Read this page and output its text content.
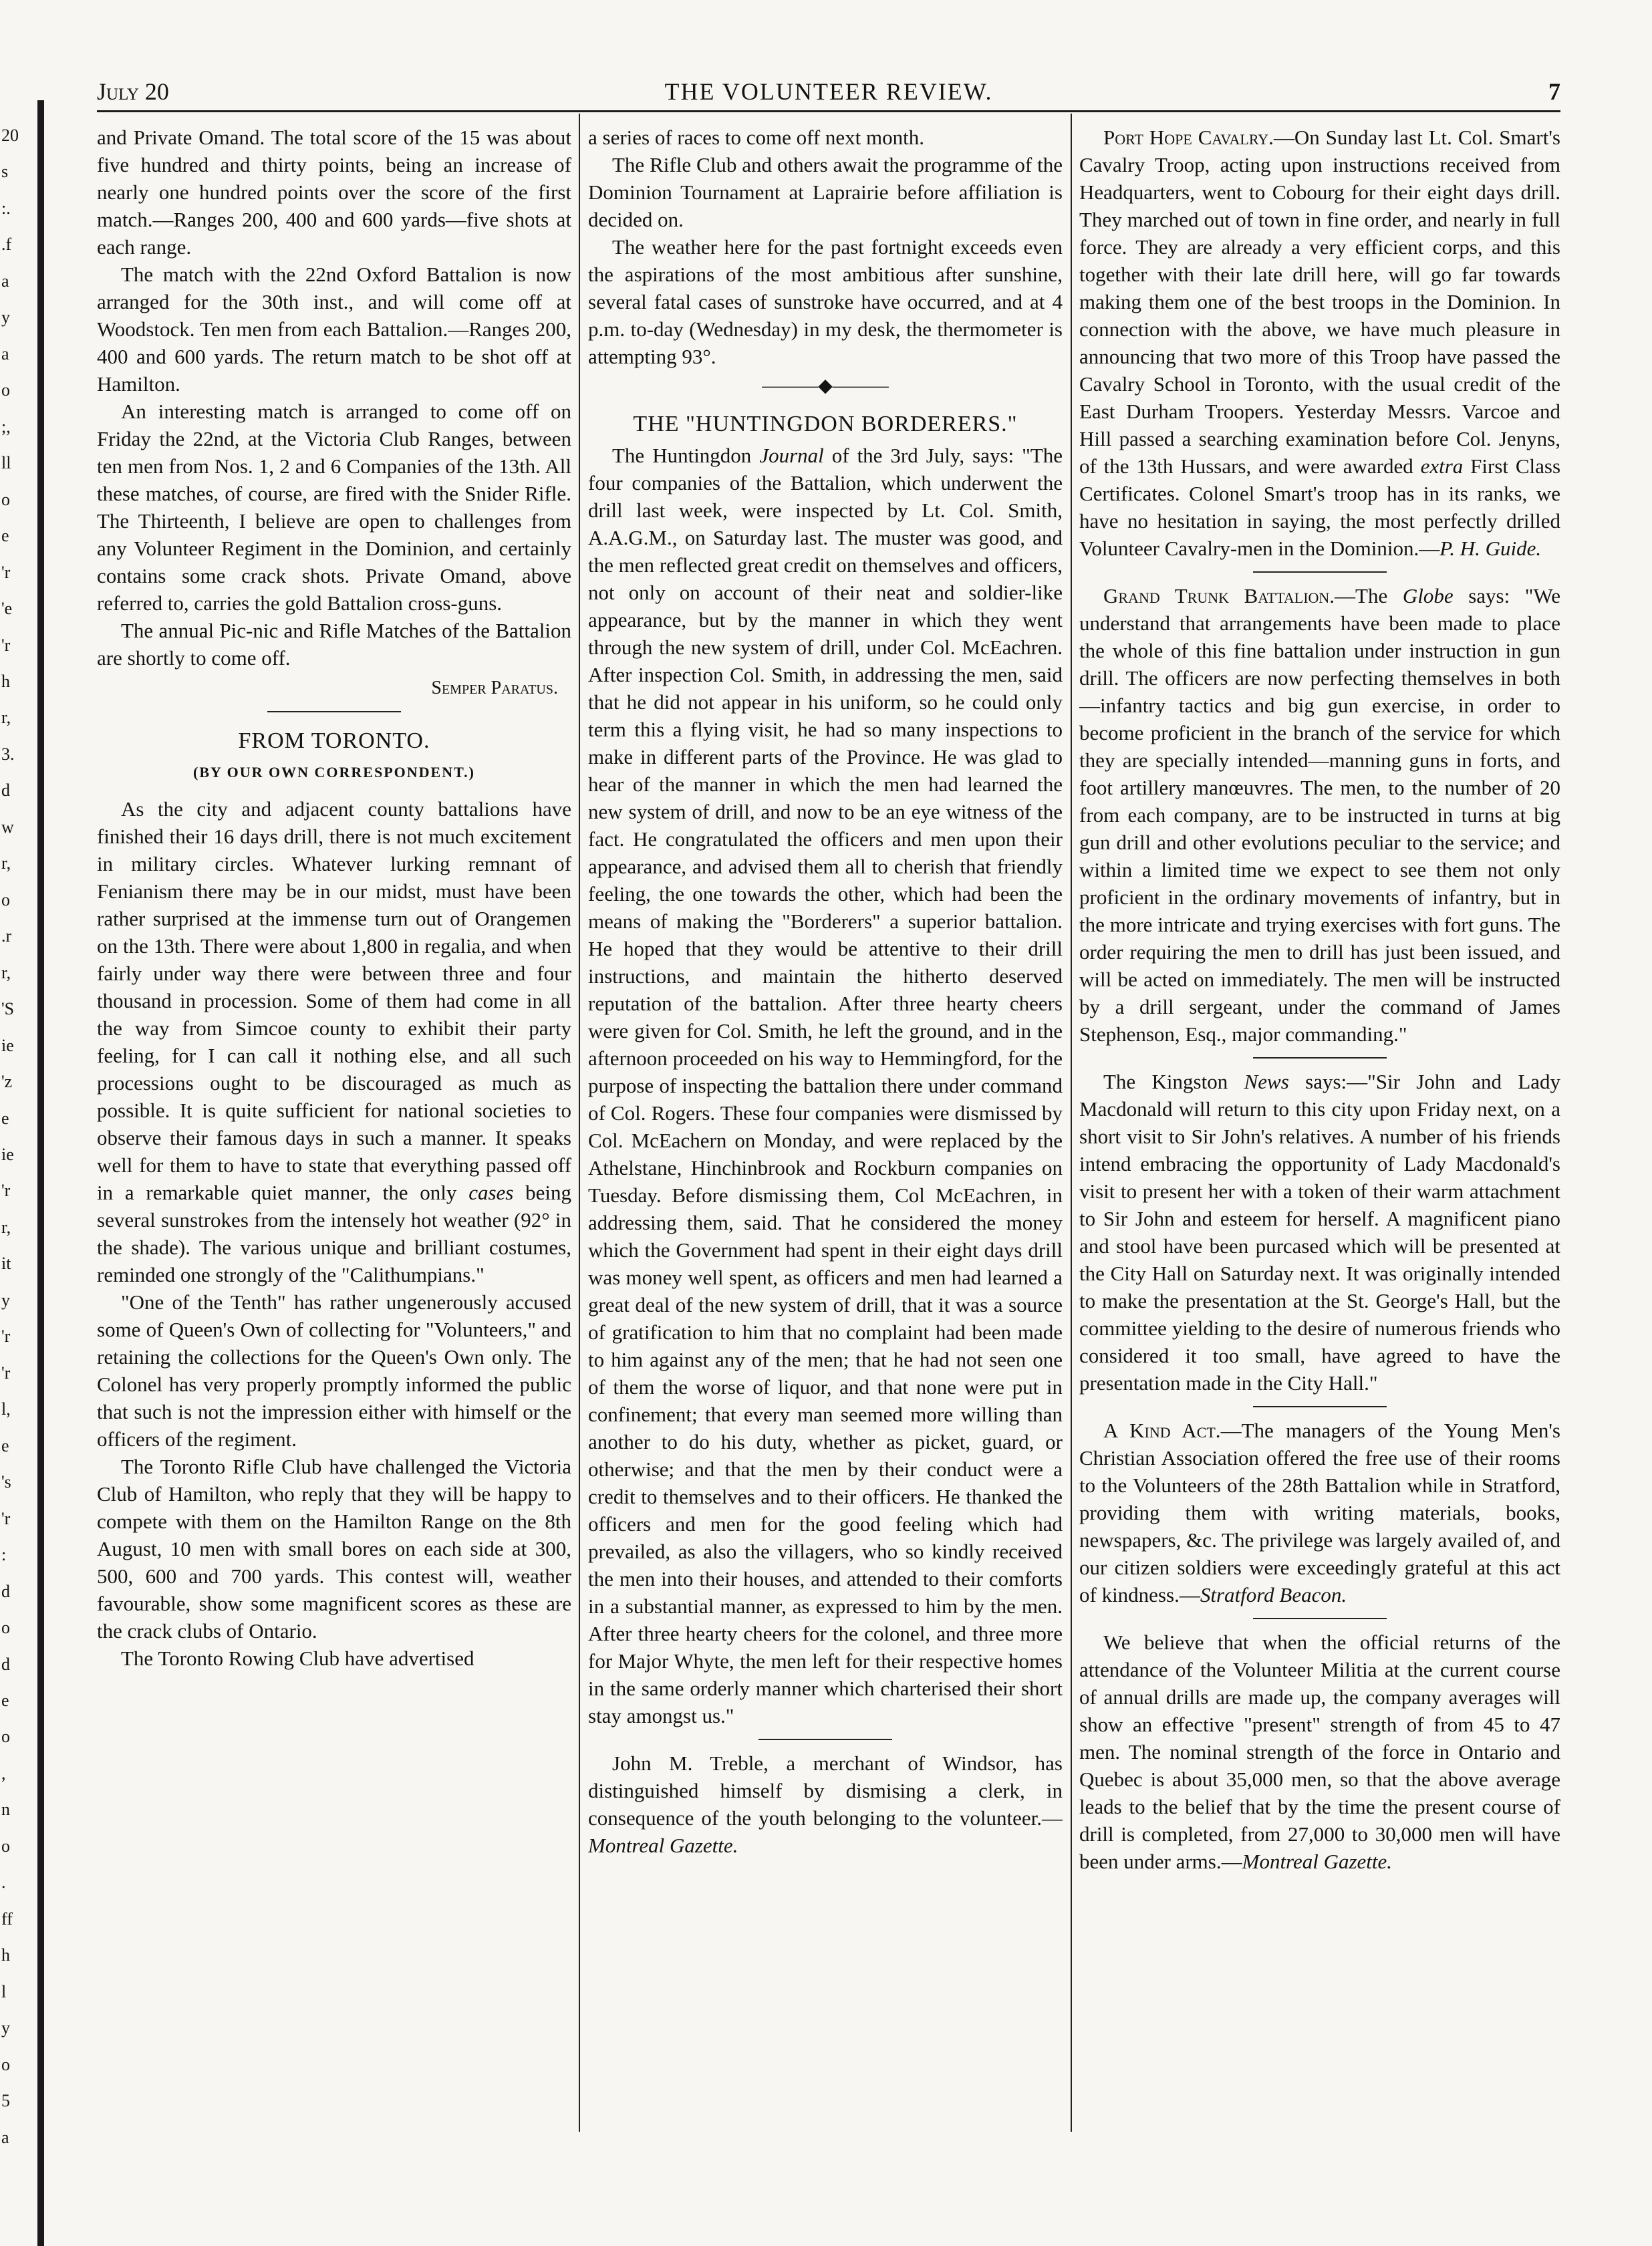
20
s
:.
.f
a
y
a
o
;,
ll
o
e
'r
'e
'r
h
r,
3.
d
w
r,
o
.r
r,
'S
ie
'z
e
ie
'r
r,
it
y
'r
'r
l,
e
's
'r
:
d
o
d
e
o
,
n
o
.
ff
h
l
y
o
5
a
July 20	THE VOLUNTEER REVIEW.	7

and Private Omand. The total score of the 15 was about five hundred and thirty points, being an increase of nearly one hundred points over the score of the first match.—Ranges 200, 400 and 600 yards—five shots at each range.

The match with the 22nd Oxford Battalion is now arranged for the 30th inst., and will come off at Woodstock. Ten men from each Battalion.—Ranges 200, 400 and 600 yards. The return match to be shot off at Hamilton.

An interesting match is arranged to come off on Friday the 22nd, at the Victoria Club Ranges, between ten men from Nos. 1, 2 and 6 Companies of the 13th. All these matches, of course, are fired with the Snider Rifle. The Thirteenth, I believe are open to challenges from any Volunteer Regiment in the Dominion, and certainly contains some crack shots. Private Omand, above referred to, carries the gold Battalion cross-guns.

The annual Pic-nic and Rifle Matches of the Battalion are shortly to come off.

Semper Paratus.
FROM TORONTO.
(BY OUR OWN CORRESPONDENT.)

As the city and adjacent county battalions have finished their 16 days drill, there is not much excitement in military circles. Whatever lurking remnant of Fenianism there may be in our midst, must have been rather surprised at the immense turn out of Orangemen on the 13th. There were about 1,800 in regalia, and when fairly under way there were between three and four thousand in procession. Some of them had come in all the way from Simcoe county to exhibit their party feeling, for I can call it nothing else, and all such processions ought to be discouraged as much as possible. It is quite sufficient for national societies to observe their famous days in such a manner. It speaks well for them to have to state that everything passed off in a remarkable quiet manner, the only cases being several sunstrokes from the intensely hot weather (92° in the shade). The various unique and brilliant costumes, reminded one strongly of the "Calithumpians."

"One of the Tenth" has rather ungenerously accused some of Queen's Own of collecting for "Volunteers," and retaining the collections for the Queen's Own only. The Colonel has very properly promptly informed the public that such is not the impression either with himself or the officers of the regiment.

The Toronto Rifle Club have challenged the Victoria Club of Hamilton, who reply that they will be happy to compete with them on the Hamilton Range on the 8th August, 10 men with small bores on each side at 300, 500, 600 and 700 yards. This contest will, weather favourable, show some magnificent scores as these are the crack clubs of Ontario.

The Toronto Rowing Club have advertised

a series of races to come off next month.

The Rifle Club and others await the programme of the Dominion Tournament at Laprairie before affiliation is decided on.

The weather here for the past fortnight exceeds even the aspirations of the most ambitious after sunshine, several fatal cases of sunstroke have occurred, and at 4 p.m. to-day (Wednesday) in my desk, the thermometer is attempting 93°.

———◆———
THE "HUNTINGDON BORDERERS."

The Huntingdon Journal of the 3rd July, says: "The four companies of the Battalion, which underwent the drill last week, were inspected by Lt. Col. Smith, A.A.G.M., on Saturday last. The muster was good, and the men reflected great credit on themselves and officers, not only on account of their neat and soldier-like appearance, but by the manner in which they went through the new system of drill, under Col. McEachren. After inspection Col. Smith, in addressing the men, said that he did not appear in his uniform, so he could only term this a flying visit, he had so many inspections to make in different parts of the Province. He was glad to hear of the manner in which the men had learned the new system of drill, and now to be an eye witness of the fact. He congratulated the officers and men upon their appearance, and advised them all to cherish that friendly feeling, the one towards the other, which had been the means of making the "Borderers" a superior battalion. He hoped that they would be attentive to their drill instructions, and maintain the hitherto deserved reputation of the battalion. After three hearty cheers were given for Col. Smith, he left the ground, and in the afternoon proceeded on his way to Hemmingford, for the purpose of inspecting the battalion there under command of Col. Rogers. These four companies were dismissed by Col. McEachern on Monday, and were replaced by the Athelstane, Hinchinbrook and Rockburn companies on Tuesday. Before dismissing them, Col McEachren, in addressing them, said. That he considered the money which the Government had spent in their eight days drill was money well spent, as officers and men had learned a great deal of the new system of drill, that it was a source of gratification to him that no complaint had been made to him against any of the men; that he had not seen one of them the worse of liquor, and that none were put in confinement; that every man seemed more willing than another to do his duty, whether as picket, guard, or otherwise; and that the men by their conduct were a credit to themselves and to their officers. He thanked the officers and men for the good feeling which had prevailed, as also the villagers, who so kindly received the men into their houses, and attended to their comforts in a substantial manner, as expressed to him by the men. After three hearty cheers for the colonel, and three more for Major Whyte, the men left for their respective homes in the same orderly manner which charterised their short stay amongst us."

John M. Treble, a merchant of Windsor, has distinguished himself by dismising a clerk, in consequence of the youth belonging to the volunteer.—Montreal Gazette.

Port Hope Cavalry.—On Sunday last Lt. Col. Smart's Cavalry Troop, acting upon instructions received from Headquarters, went to Cobourg for their eight days drill. They marched out of town in fine order, and nearly in full force. They are already a very efficient corps, and this together with their late drill here, will go far towards making them one of the best troops in the Dominion. In connection with the above, we have much pleasure in announcing that two more of this Troop have passed the Cavalry School in Toronto, with the usual credit of the East Durham Troopers. Yesterday Messrs. Varcoe and Hill passed a searching examination before Col. Jenyns, of the 13th Hussars, and were awarded extra First Class Certificates. Colonel Smart's troop has in its ranks, we have no hesitation in saying, the most perfectly drilled Volunteer Cavalry-men in the Dominion.—P. H. Guide.

Grand Trunk Battalion.—The Globe says: "We understand that arrangements have been made to place the whole of this fine battalion under instruction in gun drill. The officers are now perfecting themselves in both—infantry tactics and big gun exercise, in order to become proficient in the branch of the service for which they are specially intended—manning guns in forts, and foot artillery manœuvres. The men, to the number of 20 from each company, are to be instructed in turns at big gun drill and other evolutions peculiar to the service; and within a limited time we expect to see them not only proficient in the ordinary movements of infantry, but in the more intricate and trying exercises with fort guns. The order requiring the men to drill has just been issued, and will be acted on immediately. The men will be instructed by a drill sergeant, under the command of James Stephenson, Esq., major commanding."

The Kingston News says:—"Sir John and Lady Macdonald will return to this city upon Friday next, on a short visit to Sir John's relatives. A number of his friends intend embracing the opportunity of Lady Macdonald's visit to present her with a token of their warm attachment to Sir John and esteem for herself. A magnificent piano and stool have been purcased which will be presented at the City Hall on Saturday next. It was originally intended to make the presentation at the St. George's Hall, but the committee yielding to the desire of numerous friends who considered it too small, have agreed to have the presentation made in the City Hall."

A Kind Act.—The managers of the Young Men's Christian Association offered the free use of their rooms to the Volunteers of the 28th Battalion while in Stratford, providing them with writing materials, books, newspapers, &c. The privilege was largely availed of, and our citizen soldiers were exceedingly grateful at this act of kindness.—Stratford Beacon.

We believe that when the official returns of the attendance of the Volunteer Militia at the current course of annual drills are made up, the company averages will show an effective "present" strength of from 45 to 47 men. The nominal strength of the force in Ontario and Quebec is about 35,000 men, so that the above average leads to the belief that by the time the present course of drill is completed, from 27,000 to 30,000 men will have been under arms.—Montreal Gazette.
